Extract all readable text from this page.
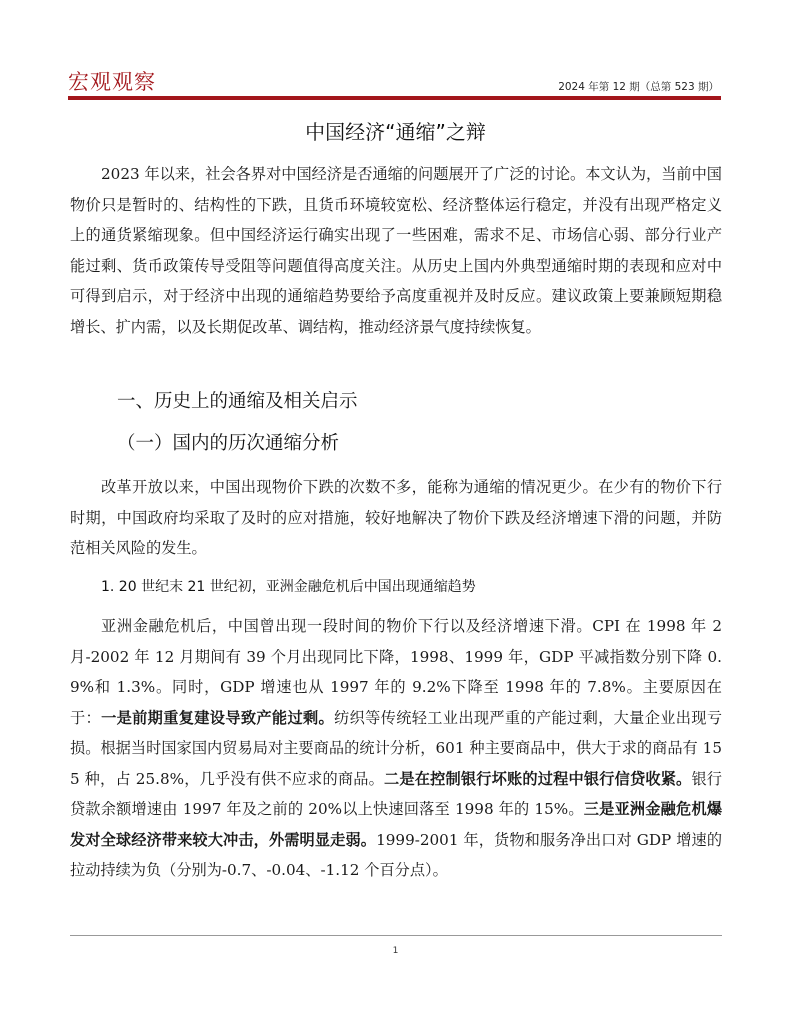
宏观观察	2024 年第 12 期（总第 523 期）
中国经济“通缩”之辩

2023 年以来，社会各界对中国经济是否通缩的问题展开了广泛的讨论。本文认为，当前中国物价只是暂时的、结构性的下跌，且货币环境较宽松、经济整体运行稳定，并没有出现严格定义上的通货紧缩现象。但中国经济运行确实出现了一些困难，需求不足、市场信心弱、部分行业产能过剩、货币政策传导受阻等问题值得高度关注。从历史上国内外典型通缩时期的表现和应对中可得到启示，对于经济中出现的通缩趋势要给予高度重视并及时反应。建议政策上要兼顾短期稳增长、扩内需，以及长期促改革、调结构，推动经济景气度持续恢复。

一、历史上的通缩及相关启示
（一）国内的历次通缩分析

改革开放以来，中国出现物价下跌的次数不多，能称为通缩的情况更少。在少有的物价下行时期，中国政府均采取了及时的应对措施，较好地解决了物价下跌及经济增速下滑的问题，并防范相关风险的发生。

1. 20 世纪末 21 世纪初，亚洲金融危机后中国出现通缩趋势

亚洲金融危机后，中国曾出现一段时间的物价下行以及经济增速下滑。CPI 在 1998 年 2 月-2002 年 12 月期间有 39 个月出现同比下降，1998、1999 年，GDP 平减指数分别下降 0.9%和 1.3%。同时，GDP 增速也从 1997 年的 9.2%下降至 1998 年的 7.8%。主要原因在于：一是前期重复建设导致产能过剩。纺织等传统轻工业出现严重的产能过剩，大量企业出现亏损。根据当时国家国内贸易局对主要商品的统计分析，601 种主要商品中，供大于求的商品有 155 种，占 25.8%，几乎没有供不应求的商品。二是在控制银行坏账的过程中银行信贷收紧。银行贷款余额增速由 1997 年及之前的 20%以上快速回落至 1998 年的 15%。三是亚洲金融危机爆发对全球经济带来较大冲击，外需明显走弱。1999-2001 年，货物和服务净出口对 GDP 增速的拉动持续为负（分别为-0.7、-0.04、-1.12 个百分点）。

1
